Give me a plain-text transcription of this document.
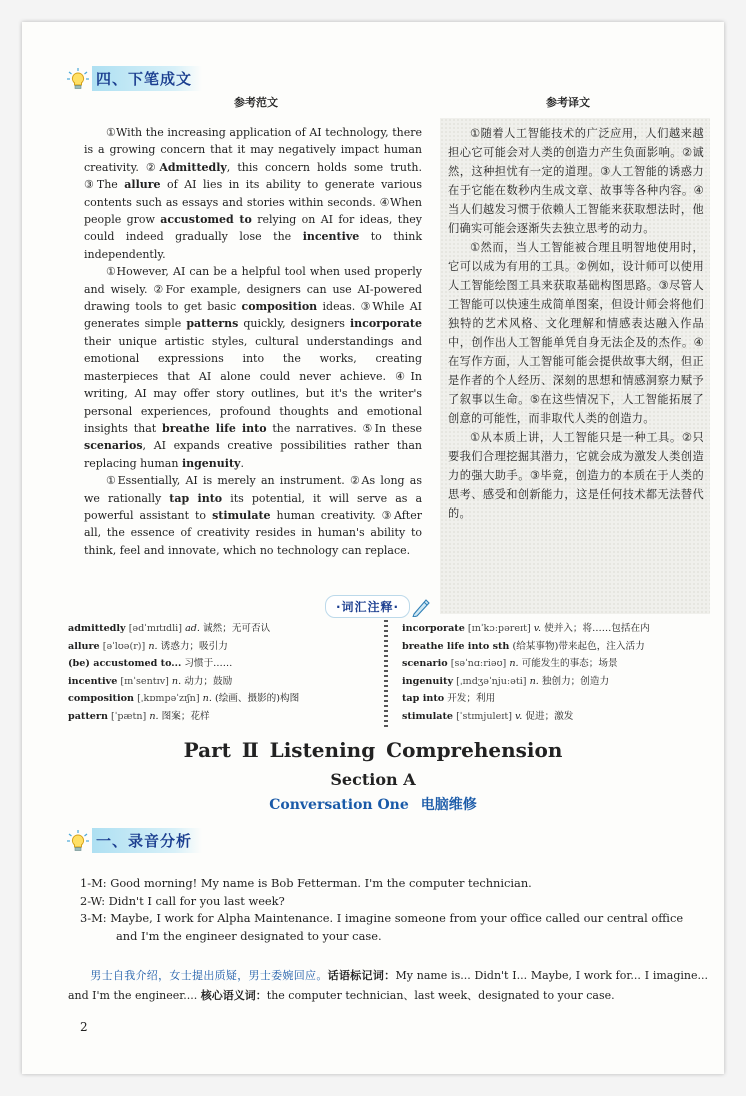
四、下笔成文
参考范文	参考译文

①With the increasing application of AI technology, there is a growing concern that it may negatively impact human creativity. ②Admittedly, this concern holds some truth. ③The allure of AI lies in its ability to generate various contents such as essays and stories within seconds. ④When people grow accustomed to relying on AI for ideas, they could indeed gradually lose the incentive to think independently.

①However, AI can be a helpful tool when used properly and wisely. ②For example, designers can use AI-powered drawing tools to get basic composition ideas. ③While AI generates simple patterns quickly, designers incorporate their unique artistic styles, cultural understandings and emotional expressions into the works, creating masterpieces that AI alone could never achieve. ④In writing, AI may offer story outlines, but it's the writer's personal experiences, profound thoughts and emotional insights that breathe life into the narratives. ⑤In these scenarios, AI expands creative possibilities rather than replacing human ingenuity.

①Essentially, AI is merely an instrument. ②As long as we rationally tap into its potential, it will serve as a powerful assistant to stimulate human creativity. ③After all, the essence of creativity resides in human's ability to think, feel and innovate, which no technology can replace.

①随着人工智能技术的广泛应用，人们越来越担心它可能会对人类的创造力产生负面影响。②诚然，这种担忧有一定的道理。③人工智能的诱惑力在于它能在数秒内生成文章、故事等各种内容。④当人们越发习惯于依赖人工智能来获取想法时，他们确实可能会逐渐失去独立思考的动力。

①然而，当人工智能被合理且明智地使用时，它可以成为有用的工具。②例如，设计师可以使用人工智能绘图工具来获取基础构图思路。③尽管人工智能可以快速生成简单图案，但设计师会将他们独特的艺术风格、文化理解和情感表达融入作品中，创作出人工智能单凭自身无法企及的杰作。④在写作方面，人工智能可能会提供故事大纲，但正是作者的个人经历、深刻的思想和情感洞察力赋予了叙事以生命。⑤在这些情况下，人工智能拓展了创意的可能性，而非取代人类的创造力。

①从本质上讲，人工智能只是一种工具。②只要我们合理挖掘其潜力，它就会成为激发人类创造力的强大助手。③毕竟，创造力的本质在于人类的思考、感受和创新能力，这是任何技术都无法替代的。

·词汇注释·
admittedly [ədˈmɪtɪdli] ad. 诚然；无可否认
allure [əˈlʊə(r)] n. 诱惑力；吸引力
(be) accustomed to... 习惯于……
incentive [ɪnˈsentɪv] n. 动力；鼓励
composition [ˌkɒmpəˈzɪʃn] n. (绘画、摄影的)构图
pattern [ˈpætn] n. 图案；花样
incorporate [ɪnˈkɔːpəreɪt] v. 使并入；将……包括在内
breathe life into sth (给某事物)带来起色，注入活力
scenario [səˈnɑːriəʊ] n. 可能发生的事态；场景
ingenuity [ˌɪndʒəˈnjuːəti] n. 独创力；创造力
tap into 开发；利用
stimulate [ˈstɪmjuleɪt] v. 促进；激发
Part Ⅱ Listening Comprehension
Section A
Conversation One 电脑维修
一、录音分析
1-M: Good morning! My name is Bob Fetterman. I'm the computer technician.
2-W: Didn't I call for you last week?
3-M: Maybe, I work for Alpha Maintenance. I imagine someone from your office called our central office and I'm the engineer designated to your case.
男士自我介绍，女士提出质疑，男士委婉回应。话语标记词：My name is... Didn't I... Maybe, I work for... I imagine... and I'm the engineer.... 核心语义词：the computer technician、last week、designated to your case.
2
